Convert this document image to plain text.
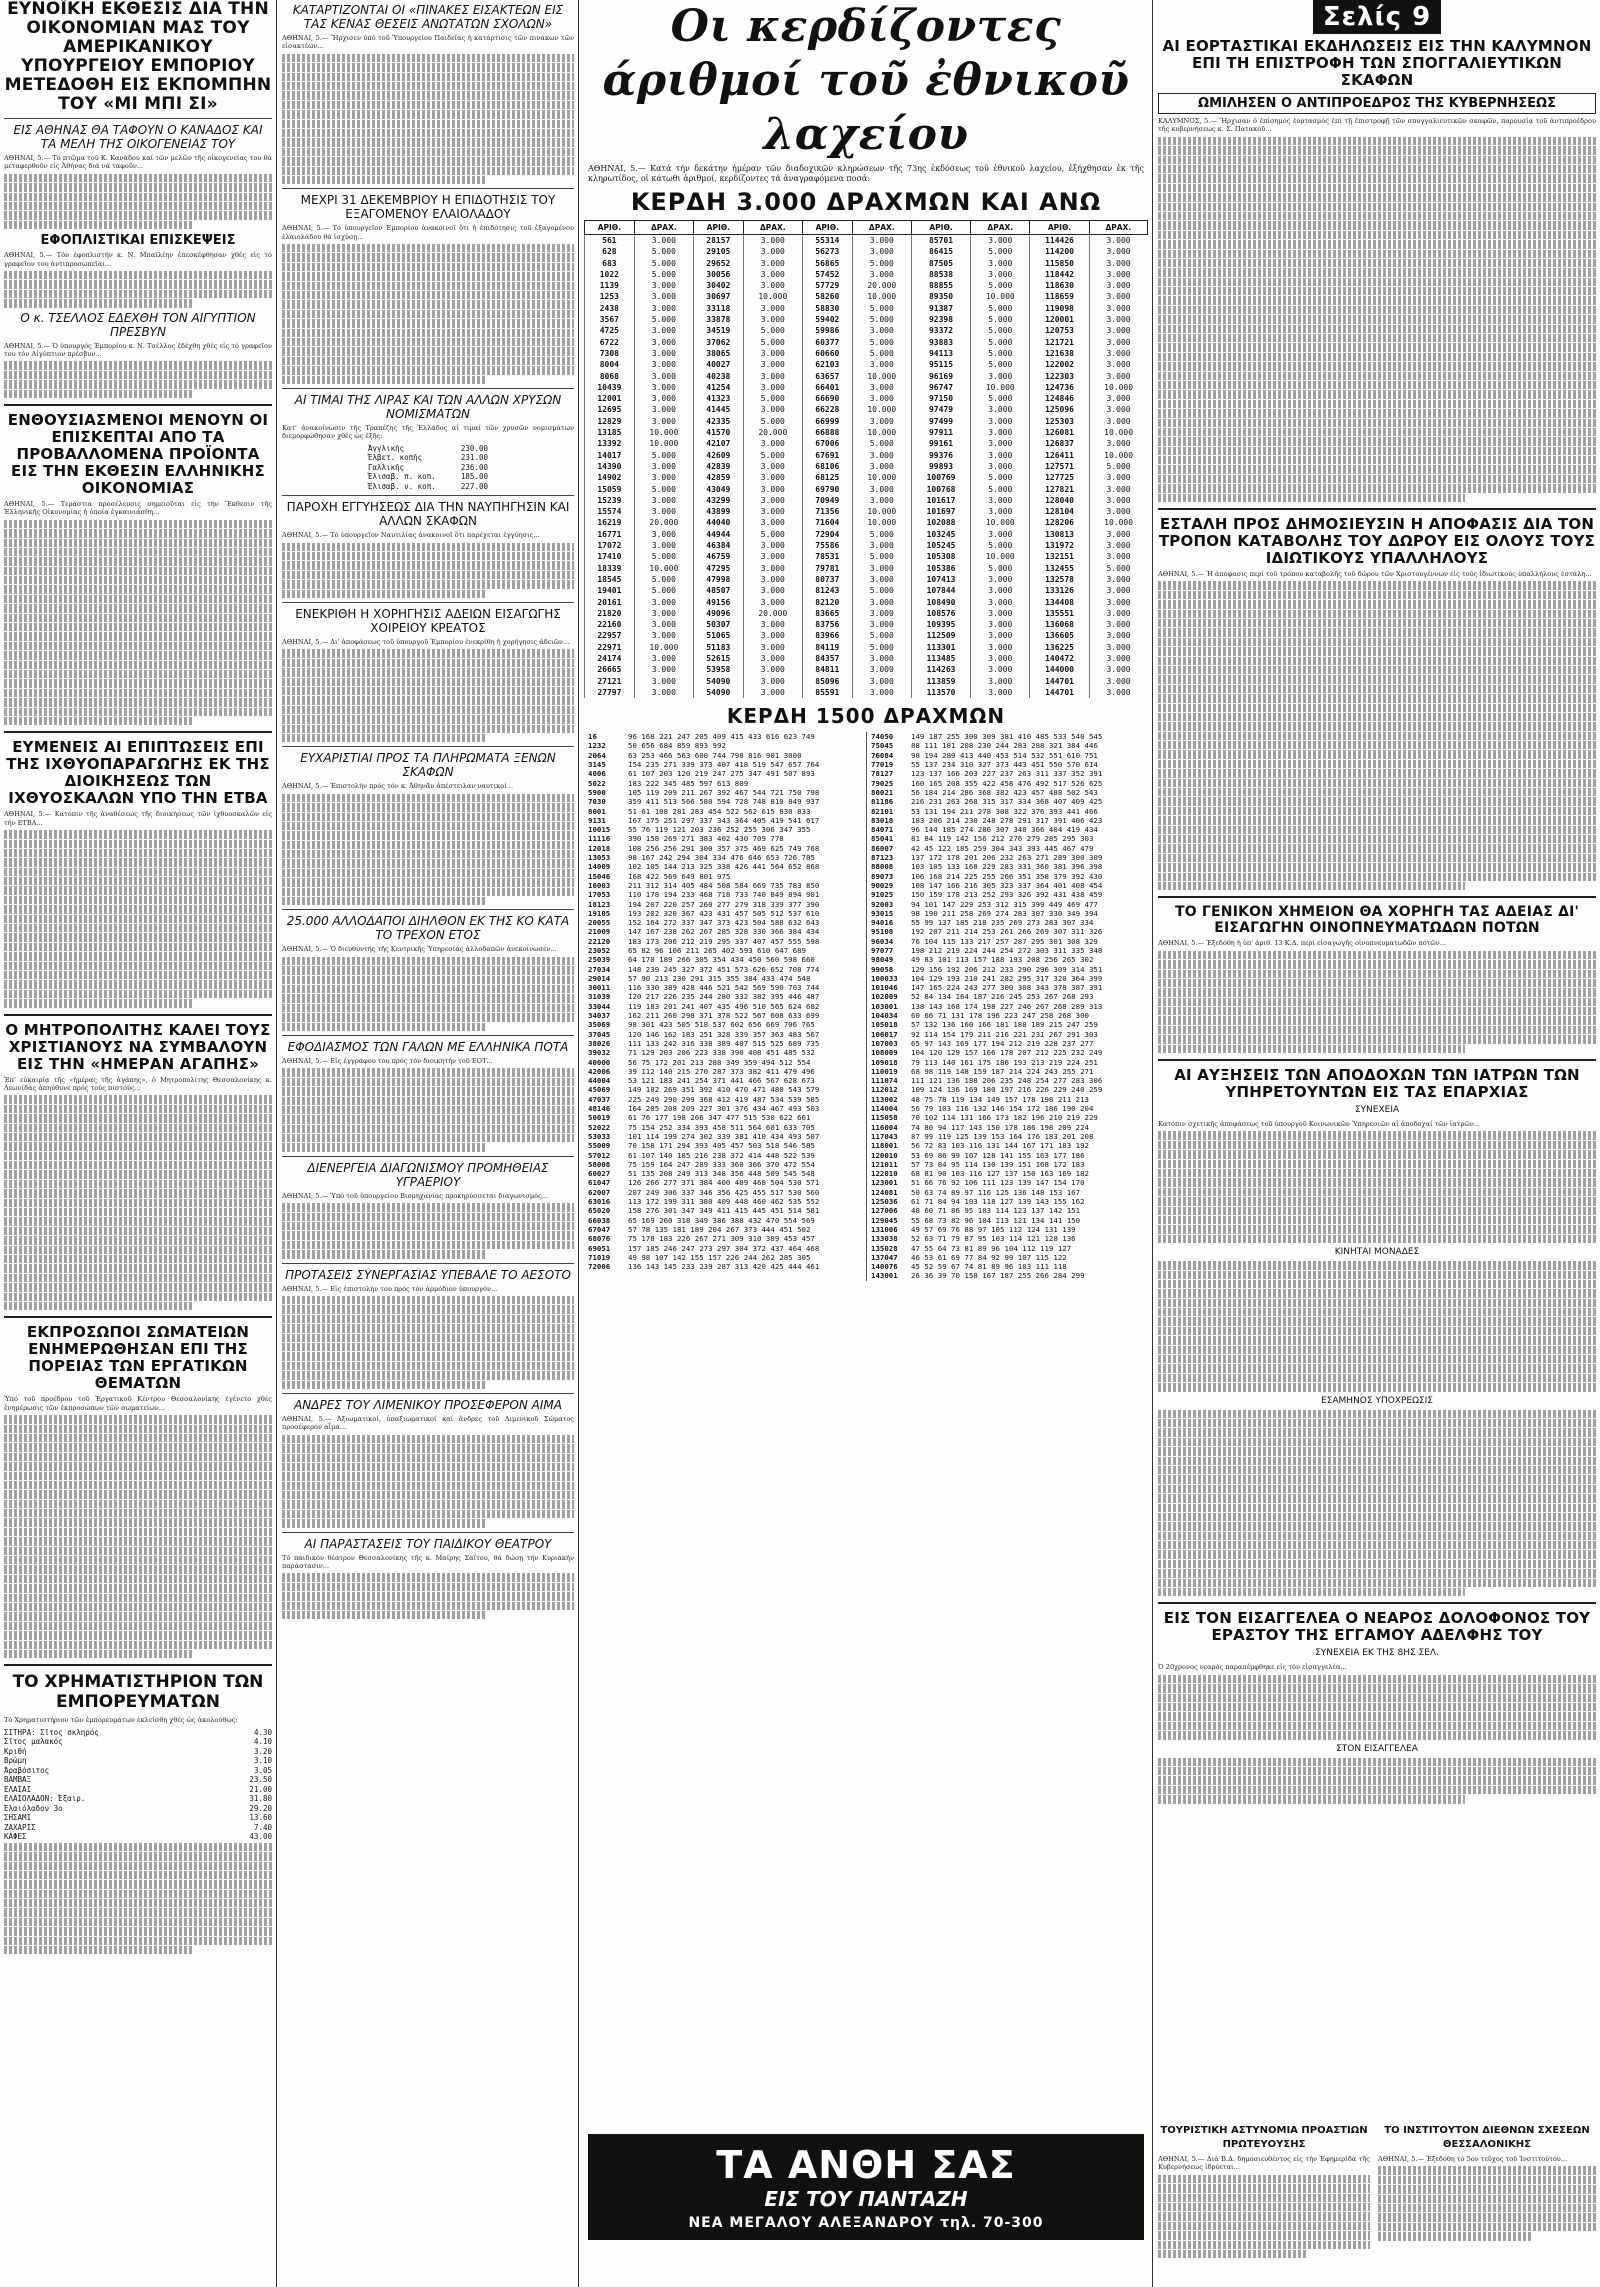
ΕΥΝΟΪΚΗ ΕΚΘΕΣΙΣ ΔΙΑ ΤΗΝ ΟΙΚΟΝΟΜΙΑΝ ΜΑΣ ΤΟΥ ΑΜΕΡΙΚΑΝΙΚΟΥ ΥΠΟΥΡΓΕΙΟΥ ΕΜΠΟΡΙΟΥ ΜΕΤΕΔΟΘΗ ΕΙΣ ΕΚΠΟΜΠΗΝ ΤΟΥ «ΜΙ ΜΠΙ ΣΙ»
ΕΙΣ ΑΘΗΝΑΣ ΘΑ ΤΑΦΟΥΝ Ο ΚΑΝΑΔΟΣ ΚΑΙ ΤΑ ΜΕΛΗ ΤΗΣ ΟΙΚΟΓΕΝΕΙΑΣ ΤΟΥ
ΑΘΗΝΑΙ, 5.— Τό πτῶμα τοῦ Κ. Κανάδου καί τῶν μελῶν τῆς οἰκογενείας του θά μεταφερθοῦν εἰς Ἀθήνας διά νά ταφοῦν...
ΕΦΟΠΛΙΣΤΙΚΑΙ ΕΠΙΣΚΕΨΕΙΣ
ΑΘΗΝΑΙ, 5.— Τόν ἐφοπλιστήν κ. Ν. Μπαϊλέην ἐπεσκέφθησαν χθές εἰς τό γραφεῖον του ἀντιπροσωπεῖαι...
Ο κ. ΤΣΕΛΛΟΣ ΕΔΕΧΘΗ ΤΟΝ ΑΙΓΥΠΤΙΟΝ ΠΡΕΣΒΥΝ
ΑΘΗΝΑΙ, 5.— Ὁ ὑπουργός Ἐμπορίου κ. Ν. Τσέλλος ἐδέχθη χθές εἰς τό γραφεῖον του τόν Αἰγύπτιον πρέσβυν...
ΕΝΘΟΥΣΙΑΣΜΕΝΟΙ ΜΕΝΟΥΝ ΟΙ ΕΠΙΣΚΕΠΤΑΙ ΑΠΟ ΤΑ ΠΡΟΒΑΛΛΟΜΕΝΑ ΠΡΟΪΟΝΤΑ ΕΙΣ ΤΗΝ ΕΚΘΕΣΙΝ ΕΛΛΗΝΙΚΗΣ ΟΙΚΟΝΟΜΙΑΣ
ΑΘΗΝΑΙ, 5.— Τεράστια προσέλευσις σημειοῦται εἰς τήν Ἔκθεσιν τῆς Ἑλληνικῆς Οἰκονομίας ἡ ὁποία ἐγκαινιάσθη...
ΕΥΜΕΝΕΙΣ ΑΙ ΕΠΙΠΤΩΣΕΙΣ ΕΠΙ ΤΗΣ ΙΧΘΥΟΠΑΡΑΓΩΓΗΣ ΕΚ ΤΗΣ ΔΙΟΙΚΗΣΕΩΣ ΤΩΝ ΙΧΘΥΟΣΚΑΛΩΝ ΥΠΟ ΤΗΝ ΕΤΒΑ
ΑΘΗΝΑΙ, 5.— Κατόπιν τῆς ἀναθέσεως τῆς διοικήσεως τῶν ἰχθυοσκαλῶν εἰς τήν ΕΤΒΑ...
Ο ΜΗΤΡΟΠΟΛΙΤΗΣ ΚΑΛΕΙ ΤΟΥΣ ΧΡΙΣΤΙΑΝΟΥΣ ΝΑ ΣΥΜΒΑΛΟΥΝ ΕΙΣ ΤΗΝ «ΗΜΕΡΑΝ ΑΓΑΠΗΣ»
Ἐπ' εὐκαιρίᾳ τῆς «ἡμέρας τῆς ἀγάπης», ὁ Μητροπολίτης Θεσσαλονίκης κ. Λεωνίδας ἀπηύθυνε πρός τούς πιστούς...
ΕΚΠΡΟΣΩΠΟΙ ΣΩΜΑΤΕΙΩΝ ΕΝΗΜΕΡΩΘΗΣΑΝ ΕΠΙ ΤΗΣ ΠΟΡΕΙΑΣ ΤΩΝ ΕΡΓΑΤΙΚΩΝ ΘΕΜΑΤΩΝ
Ὑπό τοῦ προέδρου τοῦ Ἐργατικοῦ Κέντρου Θεσσαλονίκης ἐγένετο χθές ἐνημέρωσις τῶν ἐκπροσώπων τῶν σωματείων...
ΤΟ ΧΡΗΜΑΤΙΣΤΗΡΙΟΝ ΤΩΝ ΕΜΠΟΡΕΥΜΑΤΩΝ
Τό Χρηματιστήριον τῶν ἐμπορευμάτων ἐκλείσθη χθές ὡς ἀκολούθως:
ΣΙΤΗΡΑ: Σῖτος σκληρός	4.30
Σῖτος μαλακός	4.10
Κριθή	3.20
Βρώμη	3.10
Ἀραβόσιτος	3.05
ΒΑΜΒΑΞ	23.50
ΕΛΑΙΑΙ	21.00
ΕΛΑΙΟΛΑΔΟΝ: Ἐξαιρ.	31.80
Ἐλαιόλαδον 3ο	29.20
ΣΗΣΑΜΙ	13.60
ΖΑΧΑΡΙΣ	7.40
ΚΑΦΕΣ	43.00
ΚΑΤΑΡΤΙΖΟΝΤΑΙ ΟΙ «ΠΙΝΑΚΕΣ ΕΙΣΑΚΤΕΩΝ ΕΙΣ ΤΑΣ ΚΕΝΑΣ ΘΕΣΕΙΣ ΑΝΩΤΑΤΩΝ ΣΧΟΛΩΝ»
ΑΘΗΝΑΙ, 5.— Ἤρχισεν ὑπό τοῦ Ὑπουργείου Παιδείας ἡ κατάρτισις τῶν πινάκων τῶν εἰσακτέων...
ΜΕΧΡΙ 31 ΔΕΚΕΜΒΡΙΟΥ Η ΕΠΙΔΟΤΗΣΙΣ ΤΟΥ ΕΞΑΓΟΜΕΝΟΥ ΕΛΑΙΟΛΑΔΟΥ
ΑΘΗΝΑΙ, 5.— Τό ὑπουργεῖον Ἐμπορίου ἀνακοινοῖ ὅτι ἡ ἐπιδότησις τοῦ ἐξαγομένου ἐλαιολάδου θά ἰσχύσῃ...
ΑΙ ΤΙΜΑΙ ΤΗΣ ΛΙΡΑΣ ΚΑΙ ΤΩΝ ΑΛΛΩΝ ΧΡΥΣΩΝ ΝΟΜΙΣΜΑΤΩΝ
Κατ' ἀνακοίνωσιν τῆς Τραπέζης τῆς Ἑλλάδος αἱ τιμαί τῶν χρυσῶν νομισμάτων διεμορφώθησαν χθές ὡς ἑξῆς:
Ἀγγλικῆς	230.00
Ἐλβετ. κοπῆς	231.00
Γαλλικῆς	236.00
Ἐλισαβ. π. κοπ.	185.00
Ἐλισαβ. ν. κοπ.	227.00
ΠΑΡΟΧΗ ΕΓΓΥΗΣΕΩΣ ΔΙΑ ΤΗΝ ΝΑΥΠΗΓΗΣΙΝ ΚΑΙ ΑΛΛΩΝ ΣΚΑΦΩΝ
ΑΘΗΝΑΙ, 5.— Τό ὑπουργεῖον Ναυτιλίας ἀνακοινοῖ ὅτι παρέχεται ἐγγύησις...
ΕΝΕΚΡΙΘΗ Η ΧΟΡΗΓΗΣΙΣ ΑΔΕΙΩΝ ΕΙΣΑΓΩΓΗΣ ΧΟΙΡΕΙΟΥ ΚΡΕΑΤΟΣ
ΑΘΗΝΑΙ, 5.— Δι' ἀποφάσεως τοῦ ὑπουργοῦ Ἐμπορίου ἐνεκρίθη ἡ χορήγησις ἀδειῶν...
ΕΥΧΑΡΙΣΤΙΑΙ ΠΡΟΣ ΤΑ ΠΛΗΡΩΜΑΤΑ ΞΕΝΩΝ ΣΚΑΦΩΝ
ΑΘΗΝΑΙ, 5.— Ἐπιστολήν πρός τόν κ. Ἀθηνᾶν ἀπέστειλαν ναυτικοί...
25.000 ΑΛΛΟΔΑΠΟΙ ΔΙΗΛΘΟΝ ΕΚ ΤΗΣ ΚΟ ΚΑΤΑ ΤΟ ΤΡΕΧΟΝ ΕΤΟΣ
ΑΘΗΝΑΙ, 5.— Ὁ διευθυντής τῆς Κεντρικῆς Ὑπηρεσίας ἀλλοδαπῶν ἀνεκοίνωσεν...
ΕΦΟΔΙΑΣΜΟΣ ΤΩΝ ΓΑΛΩΝ ΜΕ ΕΛΛΗΝΙΚΑ ΠΟΤΑ
ΑΘΗΝΑΙ, 5.— Εἰς ἐγγράφου του πρός τόν διοικητήν τοῦ ΕΟΤ...
ΔΙΕΝΕΡΓΕΙΑ ΔΙΑΓΩΝΙΣΜΟΥ ΠΡΟΜΗΘΕΙΑΣ ΥΓΡΑΕΡΙΟΥ
ΑΘΗΝΑΙ, 5.— Ὑπό τοῦ ὑπουργείου Βιομηχανίας προκηρύσσεται διαγωνισμός...
ΠΡΟΤΑΣΕΙΣ ΣΥΝΕΡΓΑΣΙΑΣ ΥΠΕΒΑΛΕ ΤΟ ΑΕΣΟΤΟ
ΑΘΗΝΑΙ, 5.— Εἰς ἐπιστολήν του πρός τόν ἀρμόδιον ὑπουργόν...
ΑΝΔΡΕΣ ΤΟΥ ΛΙΜΕΝΙΚΟΥ ΠΡΟΣΕΦΕΡΟΝ ΑΙΜΑ
ΑΘΗΝΑΙ, 5.— Ἀξιωματικοί, ὑπαξιωματικοί καί ἄνδρες τοῦ Λιμενικοῦ Σώματος προσέφερον αἷμα...
ΑΙ ΠΑΡΑΣΤΑΣΕΙΣ ΤΟΥ ΠΑΙΔΙΚΟΥ ΘΕΑΤΡΟΥ
Τό παιδικόν θέατρον Θεσσαλονίκης τῆς κ. Μαίρης Σαΐτου, θά δώσῃ τήν Κυριακήν παράστασιν...
Οι κερδίζοντες άριθμοί τοῦ ἐθνικοῦ λαχείου
ΑΘΗΝΑΙ, 5.— Κατά τήν δεκάτην ἡμέραν τῶν διαδοχικῶν κληρώσεων τῆς 73ης ἐκδόσεως τοῦ ἐθνικοῦ λαχείου, ἐξήχθησαν ἐκ τῆς κληρωτίδος, οἱ κάτωθι ἀριθμοί, κερδίζοντες τά ἀναγραφόμενα ποσά:
ΚΕΡΔΗ 3.000 ΔΡΑΧΜΩΝ ΚΑΙ ΑΝΩ
ΑΡΙΘ.	ΔΡΑΧ.	ΑΡΙΘ.	ΔΡΑΧ.	ΑΡΙΘ.	ΔΡΑΧ.	ΑΡΙΘ.	ΔΡΑΧ.	ΑΡΙΘ.	ΔΡΑΧ.
561	3.000	28157	3.000	55314	3.000	85701	3.000	114426	3.000
628	5.000	29105	3.000	56273	3.000	86415	5.000	114200	3.000
683	5.000	29652	3.000	56865	5.000	87505	3.000	115850	3.000
1022	5.000	30056	3.000	57452	3.000	88538	3.000	118442	3.000
1139	3.000	30402	3.000	57729	20.000	88855	5.000	118630	3.000
1253	3.000	30697	10.000	58260	10.000	89350	10.000	118659	3.000
2438	3.000	33118	3.000	58830	5.000	91387	5.000	119098	3.000
3567	5.000	33878	3.000	59402	5.000	92398	5.000	120001	3.000
4725	3.000	34519	5.000	59986	3.000	93372	5.000	120753	3.000
6722	3.000	37062	5.000	60377	5.000	93883	5.000	121721	3.000
7308	3.000	38065	3.000	60660	5.000	94113	5.000	121638	3.000
8004	3.000	40027	3.000	62103	3.000	95115	5.000	122002	3.000
8068	3.000	40238	3.000	63657	10.000	96169	3.000	122303	3.000
10439	3.000	41254	3.000	66401	3.000	96747	10.000	124736	10.000
12001	3.000	41323	5.000	66690	3.000	97150	5.000	124846	3.000
12695	3.000	41445	3.000	66228	10.000	97479	3.000	125096	3.000
12829	3.000	42335	5.000	66999	3.000	97499	3.000	125303	3.000
13185	10.000	41570	20.000	66888	10.000	97911	3.000	126081	10.000
13392	10.000	42107	3.000	67006	5.000	99161	3.000	126837	3.000
14017	5.000	42609	5.000	67691	3.000	99376	3.000	126411	10.000
14390	3.000	42839	3.000	68106	3.000	99893	3.000	127571	5.000
14902	3.000	42859	3.000	68125	10.000	100769	5.000	127725	3.000
15059	5.000	43049	3.000	69790	3.000	100768	5.000	127821	3.000
15239	3.000	43299	3.000	70949	3.000	101617	3.000	128040	3.000
15574	3.000	43899	3.000	71356	10.000	101697	3.000	128104	3.000
16219	20.000	44040	3.000	71604	10.000	102088	10.000	128206	10.000
16771	3.000	44944	5.000	72904	5.000	103245	3.000	130813	3.000
17072	3.000	46384	3.000	75586	3.000	105245	5.000	131972	3.000
17410	5.000	46759	3.000	78531	5.000	105308	10.000	132151	3.000
18339	10.000	47295	3.000	79781	3.000	105386	5.000	132455	5.000
18545	5.000	47998	3.000	80737	3.000	107413	3.000	132578	3.000
19401	5.000	48507	3.000	81243	5.000	107844	3.000	133126	3.000
20161	3.000	49156	3.000	82120	3.000	108490	3.000	134408	3.000
21820	3.000	49096	20.000	83665	3.000	108576	3.000	135551	3.000
22160	3.000	50307	3.000	83756	3.000	109395	3.000	136068	3.000
22957	3.000	51065	3.000	83966	5.000	112509	3.000	136605	3.000
22971	10.000	51183	3.000	84119	5.000	113301	3.000	136225	3.000
24174	3.000	52615	3.000	84357	3.000	113485	3.000	140472	3.000
26665	3.000	53958	3.000	84811	3.000	114263	3.000	144000	3.000
27121	3.000	54090	3.000	85096	3.000	113859	3.000	144701	3.000
27797	3.000	54090	3.000	85591	3.000	113570	3.000	144701	3.000
ΚΕΡΔΗ 1500 ΔΡΑΧΜΩΝ
16	96 168 221 247 205 409 415 433 616 623 749
1232	50 656 684 859 893 992
2064	63 253 466 563 600 744 798 816 901 3000
3145	154 235 271 339 373 407 418 519 547 657 764
4006	61 107 203 120 219 247 275 347 491 507 893
5022	183 222 345 485 597 613 809
5900	105 119 209 211 267 392 467 544 721 750 798
7030	359 411 513 566 580 594 728 748 810 849 937
8001	51 61 108 281 283 454 522 562 615 830 833
9131	167 175 251 297 337 343 364 405 419 541 617
10015	55 76 119 121 203 236 252 255 306 347 355
11116	390 158 269 271 383 402 430 709 778
12018	108 256 256 291 300 357 375 469 625 749 768
13053	98 167 242 294 304 334 476 646 653 726 785
14009	102 105 144 213 325 338 426 441 564 652 868
15046	168 422 569 649 801 975
16003	211 312 314 405 484 508 584 669 735 783 850
17053	110 178 194 233 468 718 733 740 849 894 901
18123	194 207 220 257 260 277 279 318 339 377 390
19105	193 202 320 367 423 431 457 505 512 537 610
20055	152 164 272 337 347 373 423 504 588 632 643
21009	147 167 238 262 267 285 328 330 366 384 434
22120	183 173 206 212 219 295 337 407 457 555 598
23052	65 82 96 106 211 265 402 593 610 647 689
25039	64 170 189 266 305 354 434 450 560 598 660
27034	148 239 245 327 372 451 573 626 652 708 774
29014	57 90 213 230 291 315 355 384 433 474 548
30011	116 330 389 428 446 521 542 569 590 703 744
31039	120 217 226 235 244 280 332 382 395 446 487
33044	119 183 201 241 407 435 496 510 565 624 682
34037	162 211 260 298 371 378 522 567 608 633 699
35069	98 301 423 505 518 537 602 656 669 706 765
37045	120 146 162 183 251 328 339 357 363 483 567
38026	111 133 242 316 338 389 407 515 525 689 735
39032	71 129 203 206 223 338 390 408 451 485 532
40000	56 75 172 201 213 288 349 359 494 512 554
42006	39 112 140 215 270 287 373 382 411 479 496
44004	53 121 183 241 254 371 441 466 567 628 673
45069	149 182 269 351 392 410 470 471 480 543 579
47037	225 249 290 299 368 412 419 487 534 539 585
48146	164 205 208 209 227 301 376 434 467 493 503
50019	61 76 177 198 266 347 477 515 530 622 661
52022	75 154 252 334 393 458 511 564 601 633 705
53033	101 114 199 274 302 339 381 410 434 493 507
55009	70 158 171 294 393 405 457 503 518 546 585
57012	61 107 140 185 216 238 372 414 448 522 539
58008	75 159 164 247 289 333 360 366 370 472 554
60027	51 135 208 249 313 348 356 448 509 545 548
61047	126 266 277 371 384 400 409 468 504 530 571
62007	207 249 306 337 346 356 425 455 517 530 560
63016	113 172 199 311 380 409 448 460 462 535 552
65020	158 276 301 347 349 411 415 445 451 514 581
66038	65 169 260 318 349 386 388 432 470 554 569
67047	57 78 135 181 189 204 267 373 444 451 502
68076	75 178 183 226 267 271 309 310 389 453 457
69051	157 185 246 247 273 297 304 372 437 464 468
71019	49 98 107 142 155 157 226 244 262 285 305
72006	136 143 145 233 239 287 313 420 425 444 461
74050	149 187 255 300 309 381 410 485 533 540 545
75045	88 111 181 208 230 244 283 288 321 384 446
76084	98 194 289 413 440 453 514 532 551 610 751
77019	55 137 234 310 327 373 443 451 550 570 614
78127	123 137 166 203 227 237 263 311 337 352 391
79025	160 165 208 355 422 458 476 492 517 526 625
80021	56 184 214 286 368 382 423 457 488 502 543
81186	216 231 263 268 315 317 334 368 407 409 425
82101	53 131 194 211 278 308 322 376 393 441 466
83018	183 206 214 230 248 278 291 317 391 406 423
84071	96 144 185 274 286 307 340 366 404 419 434
85041	81 84 119 142 156 212 276 279 285 295 303
86007	42 45 122 185 259 304 343 393 445 467 479
87123	137 172 178 201 206 232 263 271 289 300 309
88008	103 105 133 168 229 283 331 360 381 396 398
89073	106 168 214 225 255 266 351 358 379 392 430
90029	108 147 166 216 305 323 337 364 401 408 454
91025	150 159 178 213 252 293 326 392 431 438 459
92003	94 101 147 229 253 312 315 399 449 469 477
93015	98 190 211 258 269 274 283 307 330 349 394
94016	55 99 137 185 218 235 269 273 283 307 334
95108	192 207 211 214 253 261 266 269 307 311 326
96034	76 104 115 133 217 257 287 295 301 308 329
97077	198 212 219 224 244 254 272 303 311 335 348
98049	49 83 101 113 157 188 193 208 256 265 302
99058	129 156 192 206 212 233 290 296 309 314 351
100033	104 129 193 210 241 282 295 317 320 364 399
101046	147 165 224 243 277 300 308 343 378 387 391
102009	52 84 134 164 187 216 245 253 267 268 293
103001	138 143 168 174 198 227 246 267 268 289 313
104034	60 66 71 131 178 196 223 247 258 268 300
105018	57 132 136 160 166 181 188 189 215 247 259
106017	92 114 154 179 211 216 221 231 267 291 303
107003	65 97 143 169 177 194 212 219 228 237 277
108009	104 120 129 157 166 178 207 212 225 232 249
109018	79 113 140 161 175 186 193 213 219 224 251
110019	68 98 119 148 159 187 214 224 243 255 271
111074	111 121 136 188 206 235 248 254 277 283 306
112012	109 124 136 169 180 197 216 226 229 240 259
113002	48 75 78 119 134 149 157 178 198 211 213
114004	56 79 103 116 132 146 154 172 186 190 204
115058	70 102 114 131 166 173 182 196 210 219 229
116004	74 80 94 117 143 150 178 186 198 209 224
117043	87 99 119 125 139 153 164 176 183 201 208
118001	56 72 83 103 116 131 144 167 171 183 192
120010	53 69 86 99 107 128 141 155 163 177 186
121011	57 73 84 95 114 130 139 151 168 172 183
122010	68 81 90 103 116 127 137 150 163 169 182
123001	51 66 76 92 106 111 123 139 147 154 170
124081	50 63 74 89 97 116 125 136 148 153 167
125036	61 71 84 94 103 118 127 139 143 155 162
127006	48 60 71 86 95 103 114 123 137 142 151
129045	55 68 73 82 96 104 113 121 134 141 150
131006	49 57 69 76 88 97 105 112 124 131 139
133038	52 63 71 79 87 95 103 114 121 128 136
135028	47 55 64 73 81 89 96 104 112 119 127
137047	46 53 61 69 77 84 92 99 107 115 122
140076	45 52 59 67 74 81 89 96 103 111 118
143001	26 36 39 70 158 167 187 255 266 284 299
Σελίς 9
ΑΙ ΕΟΡΤΑΣΤΙΚΑΙ ΕΚΔΗΛΩΣΕΙΣ ΕΙΣ ΤΗΝ ΚΑΛΥΜΝΟΝ ΕΠΙ ΤΗ ΕΠΙΣΤΡΟΦΗ ΤΩΝ ΣΠΟΓΓΑΛΙΕΥΤΙΚΩΝ ΣΚΑΦΩΝ
ΩΜΙΛΗΣΕΝ Ο ΑΝΤΙΠΡΟΕΔΡΟΣ ΤΗΣ ΚΥΒΕΡΝΗΣΕΩΣ
ΚΑΛΥΜΝΟΣ, 5.— Ἤρχισαν ὁ ἐπίσημος ἑορτασμός ἐπί τῇ ἐπιστροφῇ τῶν σπογγαλιευτικῶν σκαφῶν, παρουσίᾳ τοῦ ἀντιπροέδρου τῆς κυβερνήσεως κ. Σ. Πατακοῦ...
ΕΣΤΑΛΗ ΠΡΟΣ ΔΗΜΟΣΙΕΥΣΙΝ Η ΑΠΟΦΑΣΙΣ ΔΙΑ ΤΟΝ ΤΡΟΠΟΝ ΚΑΤΑΒΟΛΗΣ ΤΟΥ ΔΩΡΟΥ ΕΙΣ ΟΛΟΥΣ ΤΟΥΣ ΙΔΙΩΤΙΚΟΥΣ ΥΠΑΛΛΗΛΟΥΣ
ΑΘΗΝΑΙ, 5.— Ἡ ἀπόφασις περί τοῦ τρόπου καταβολῆς τοῦ δώρου τῶν Χριστουγέννων εἰς τούς ἰδιωτικούς ὑπαλλήλους ἐστάλη...
ΤΟ ΓΕΝΙΚΟΝ ΧΗΜΕΙΟΝ ΘΑ ΧΟΡΗΓΗ ΤΑΣ ΑΔΕΙΑΣ ΔΙ' ΕΙΣΑΓΩΓΗΝ ΟΙΝΟΠΝΕΥΜΑΤΩΔΩΝ ΠΟΤΩΝ
ΑΘΗΝΑΙ, 5.— Ἐξεδόθη ἡ ὑπ' ἀριθ. 13 Κ.Δ. περί εἰσαγωγῆς οἰνοπνευματωδῶν ποτῶν...
ΑΙ ΑΥΞΗΣΕΙΣ ΤΩΝ ΑΠΟΔΟΧΩΝ ΤΩΝ ΙΑΤΡΩΝ ΤΩΝ ΥΠΗΡΕΤΟΥΝΤΩΝ ΕΙΣ ΤΑΣ ΕΠΑΡΧΙΑΣ
ΣΥΝΕΧΕΙΑ
Κατόπιν σχετικῆς ἀποφάσεως τοῦ ὑπουργοῦ Κοινωνικῶν Ὑπηρεσιῶν αἱ ἀποδοχαί τῶν ἰατρῶν...
ΚΙΝΗΤΑΙ ΜΟΝΑΔΕΣ
ΕΣΑΜΗΝΟΣ ΥΠΟΧΡΕΩΣΙΣ
ΕΙΣ ΤΟΝ ΕΙΣΑΓΓΕΛΕΑ Ο ΝΕΑΡΟΣ ΔΟΛΟΦΟΝΟΣ ΤΟΥ ΕΡΑΣΤΟΥ ΤΗΣ ΕΓΓΑΜΟΥ ΑΔΕΛΦΗΣ ΤΟΥ
ΣΥΝΕΧΕΙΑ ΕΚ ΤΗΣ 8ΗΣ ΣΕΛ.
Ὁ 20χρονος νεαρός παραπέμφθηκε εἰς τόν εἰσαγγελέα...
ΣΤΟΝ ΕΙΣΑΓΓΕΛΕΑ
ΤΑ ΑΝΘΗ ΣΑΣ
ΕΙΣ ΤΟΥ ΠΑΝΤΑΖΗ
ΝΕΑ ΜΕΓΑΛΟΥ ΑΛΕΞΑΝΔΡΟΥ τηλ. 70-300
ΤΟΥΡΙΣΤΙΚΗ ΑΣΤΥΝΟΜΙΑ ΠΡΟΑΣΤΙΩΝ ΠΡΩΤΕΥΟΥΣΗΣ
ΑΘΗΝΑΙ, 5.— Διά Β.Δ. δημοσιευθέντος εἰς τήν Ἐφημερίδα τῆς Κυβερνήσεως ἱδρύεται...
ΤΟ ΙΝΣΤΙΤΟΥΤΟΝ ΔΙΕΘΝΩΝ ΣΧΕΣΕΩΝ ΘΕΣΣΑΛΟΝΙΚΗΣ
ΑΘΗΝΑΙ, 5.— Ἐξεδόθη τό 5ον τεῦχος τοῦ Ἰνστιτούτου...
